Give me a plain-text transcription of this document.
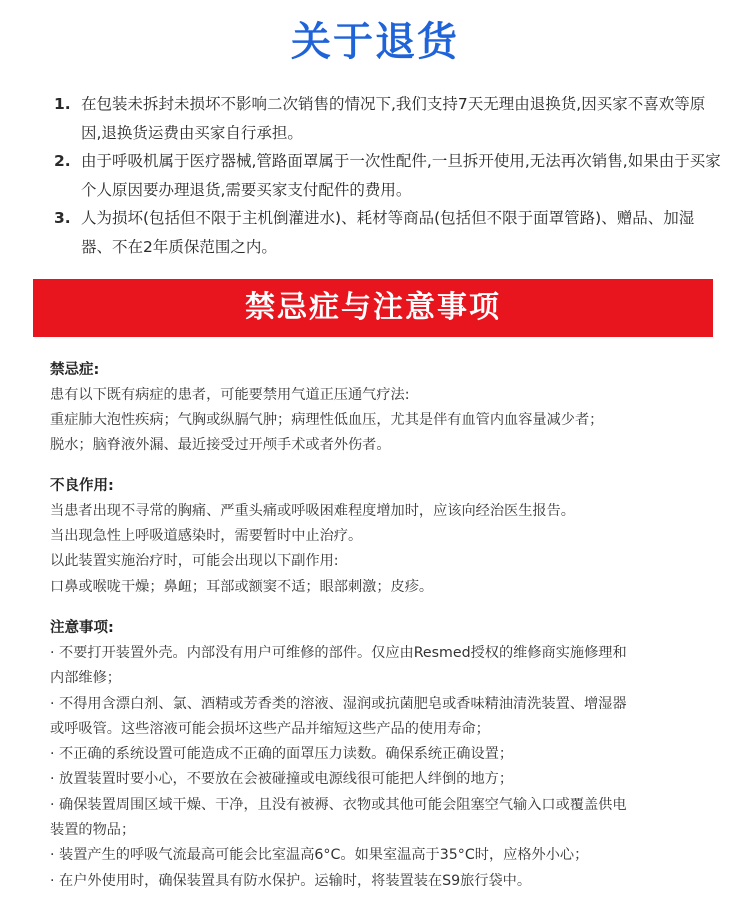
关于退货
1. 在包装未拆封未损坏不影响二次销售的情况下,我们支持7天无理由退换货,因买家不喜欢等原因,退换货运费由买家自行承担。
2. 由于呼吸机属于医疗器械,管路面罩属于一次性配件,一旦拆开使用,无法再次销售,如果由于买家个人原因要办理退货,需要买家支付配件的费用。
3. 人为损坏(包括但不限于主机倒灌进水)、耗材等商品(包括但不限于面罩管路)、赠品、加湿器、不在2年质保范围之内。
禁忌症与注意事项

禁忌症:

患有以下既有病症的患者，可能要禁用气道正压通气疗法:

重症肺大泡性疾病；气胸或纵膈气肿；病理性低血压，尤其是伴有血管内血容量减少者；

脱水；脑脊液外漏、最近接受过开颅手术或者外伤者。

不良作用:

当患者出现不寻常的胸痛、严重头痛或呼吸困难程度增加时，应该向经治医生报告。

当出现急性上呼吸道感染时，需要暂时中止治疗。

以此装置实施治疗时，可能会出现以下副作用:

口鼻或喉咙干燥；鼻衄；耳部或额窦不适；眼部刺激；皮疹。

注意事项:

· 不要打开装置外壳。内部没有用户可维修的部件。仅应由Resmed授权的维修商实施修理和

内部维修；

· 不得用含漂白剂、氯、酒精或芳香类的溶液、湿润或抗菌肥皂或香味精油清洗装置、增湿器

或呼吸管。这些溶液可能会损坏这些产品并缩短这些产品的使用寿命；

· 不正确的系统设置可能造成不正确的面罩压力读数。确保系统正确设置；

· 放置装置时要小心，不要放在会被碰撞或电源线很可能把人绊倒的地方；

· 确保装置周围区域干燥、干净，且没有被褥、衣物或其他可能会阻塞空气输入口或覆盖供电

装置的物品；

· 装置产生的呼吸气流最高可能会比室温高6°C。如果室温高于35°C时，应格外小心；

· 在户外使用时，确保装置具有防水保护。运输时，将装置装在S9旅行袋中。
